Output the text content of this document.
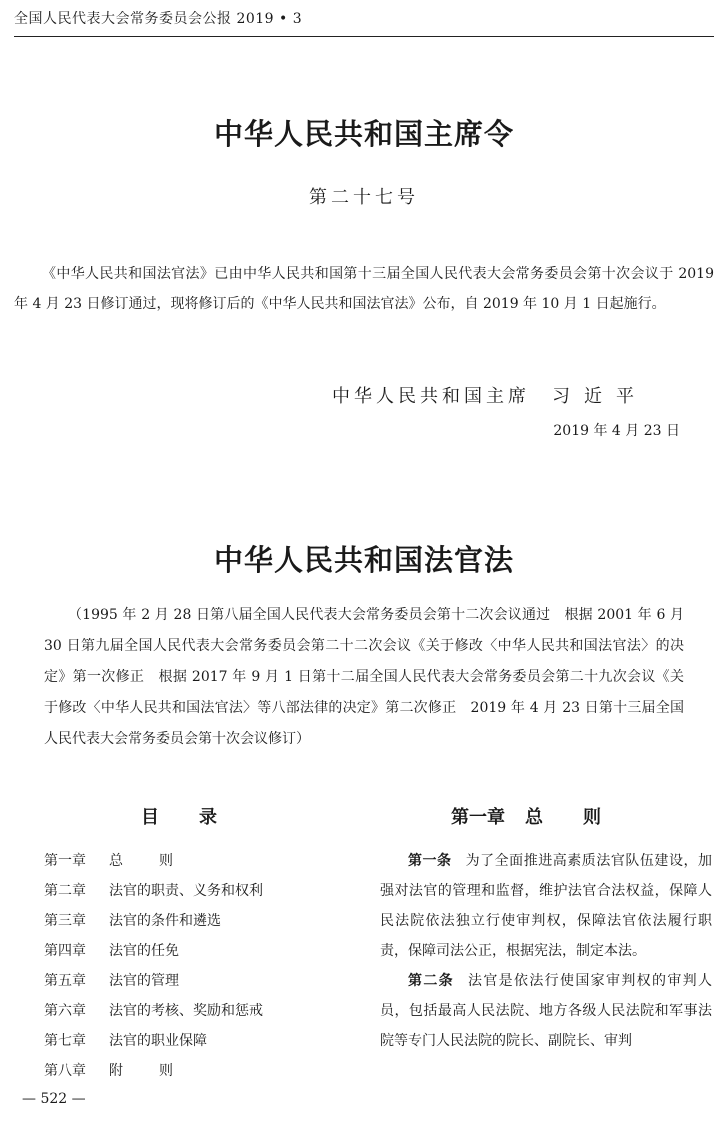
全国人民代表大会常务委员会公报 2019 • 3
中华人民共和国主席令
第二十七号

《中华人民共和国法官法》已由中华人民共和国第十三届全国人民代表大会常务委员会第十次会议于 2019 年 4 月 23 日修订通过，现将修订后的《中华人民共和国法官法》公布，自 2019 年 10 月 1 日起施行。

中华人民共和国主席 习近平
2019 年 4 月 23 日
中华人民共和国法官法

（1995 年 2 月 28 日第八届全国人民代表大会常务委员会第十二次会议通过　根据 2001 年 6 月 30 日第九届全国人民代表大会常务委员会第二十二次会议《关于修改〈中华人民共和国法官法〉的决定》第一次修正　根据 2017 年 9 月 1 日第十二届全国人民代表大会常务委员会第二十九次会议《关于修改〈中华人民共和国法官法〉等八部法律的决定》第二次修正　2019 年 4 月 23 日第十三届全国人民代表大会常务委员会第十次会议修订）

目录
第一章 总则
第二章 法官的职责、义务和权利
第三章 法官的条件和遴选
第四章 法官的任免
第五章 法官的管理
第六章 法官的考核、奖励和惩戒
第七章 法官的职业保障
第八章 附则
第一章 总则

第一条 为了全面推进高素质法官队伍建设，加强对法官的管理和监督，维护法官合法权益，保障人民法院依法独立行使审判权，保障法官依法履行职责，保障司法公正，根据宪法，制定本法。

第二条 法官是依法行使国家审判权的审判人员，包括最高人民法院、地方各级人民法院和军事法院等专门人民法院的院长、副院长、审判

— 522 —
